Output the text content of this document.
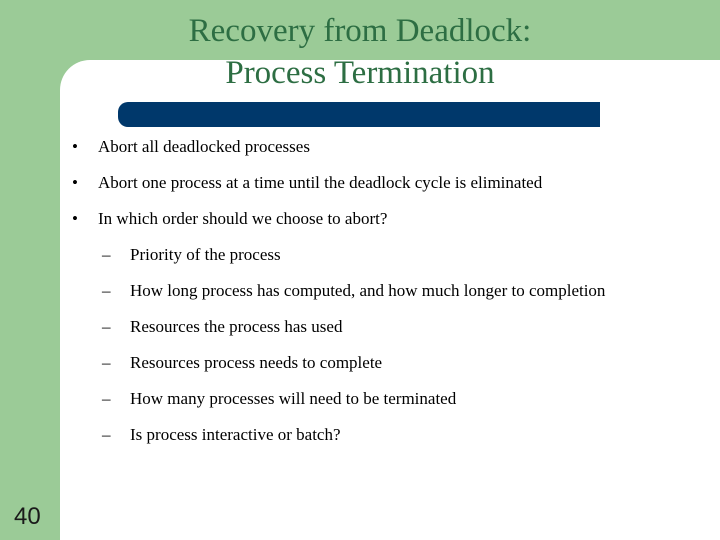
Recovery from Deadlock:
Process Termination
• Abort all deadlocked processes
• Abort one process at a time until the deadlock cycle is eliminated
• In which order should we choose to abort?
– Priority of the process
– How long process has computed, and how much longer to completion
– Resources the process has used
– Resources process needs to complete
– How many processes will need to be terminated
– Is process interactive or batch?
40
